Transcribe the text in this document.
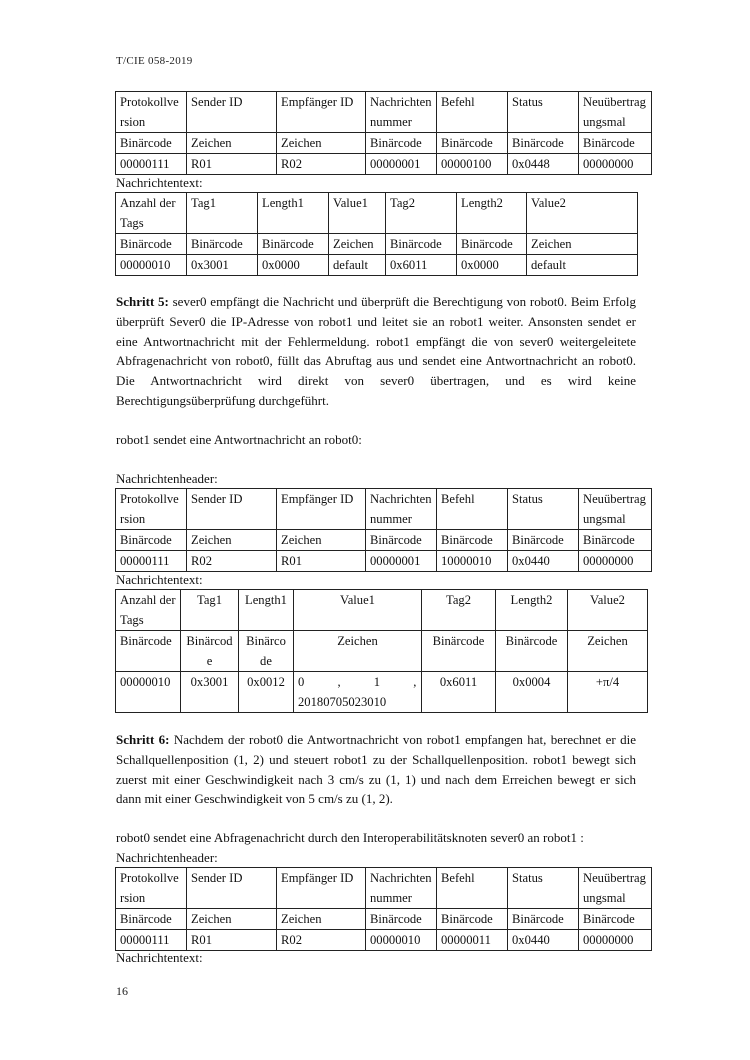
T/CIE 058-2019
Protokollversion	Sender ID	Empfänger ID	Nachrichtennummer	Befehl	Status	Neuübertragungsmal
Binärcode	Zeichen	Zeichen	Binärcode	Binärcode	Binärcode	Binärcode
00000111	R01	R02	00000001	00000100	0x0448	00000000
Nachrichtentext:
Anzahl der Tags	Tag1	Length1	Value1	Tag2	Length2	Value2
Binärcode	Binärcode	Binärcode	Zeichen	Binärcode	Binärcode	Zeichen
00000010	0x3001	0x0000	default	0x6011	0x0000	default
Schritt 5: sever0 empfängt die Nachricht und überprüft die Berechtigung von robot0. Beim Erfolg überprüft Sever0 die IP-Adresse von robot1 und leitet sie an robot1 weiter. Ansonsten sendet er eine Antwortnachricht mit der Fehlermeldung. robot1 empfängt die von sever0 weitergeleitete Abfragenachricht von robot0, füllt das Abruftag aus und sendet eine Antwortnachricht an robot0. Die Antwortnachricht wird direkt von sever0 übertragen, und es wird keine Berechtigungsüberprüfung durchgeführt.
robot1 sendet eine Antwortnachricht an robot0:
Nachrichtenheader:
Protokollversion	Sender ID	Empfänger ID	Nachrichtennummer	Befehl	Status	Neuübertragungsmal
Binärcode	Zeichen	Zeichen	Binärcode	Binärcode	Binärcode	Binärcode
00000111	R02	R01	00000001	10000010	0x0440	00000000
Nachrichtentext:
Anzahl der Tags	Tag1	Length1	Value1	Tag2	Length2	Value2
Binärcode	Binärcode	Binärcode	Zeichen	Binärcode	Binärcode	Zeichen
00000010	0x3001	0x0012	0 , 1 , 20180705023010	0x6011	0x0004	+π/4
Schritt 6: Nachdem der robot0 die Antwortnachricht von robot1 empfangen hat, berechnet er die Schallquellenposition (1, 2) und steuert robot1 zu der Schallquellenposition. robot1 bewegt sich zuerst mit einer Geschwindigkeit nach 3 cm/s zu (1, 1) und nach dem Erreichen bewegt er sich dann mit einer Geschwindigkeit von 5 cm/s zu (1, 2).
robot0 sendet eine Abfragenachricht durch den Interoperabilitätsknoten sever0 an robot1 :
Nachrichtenheader:
Protokollversion	Sender ID	Empfänger ID	Nachrichtennummer	Befehl	Status	Neuübertragungsmal
Binärcode	Zeichen	Zeichen	Binärcode	Binärcode	Binärcode	Binärcode
00000111	R01	R02	00000010	00000011	0x0440	00000000
Nachrichtentext:
16
